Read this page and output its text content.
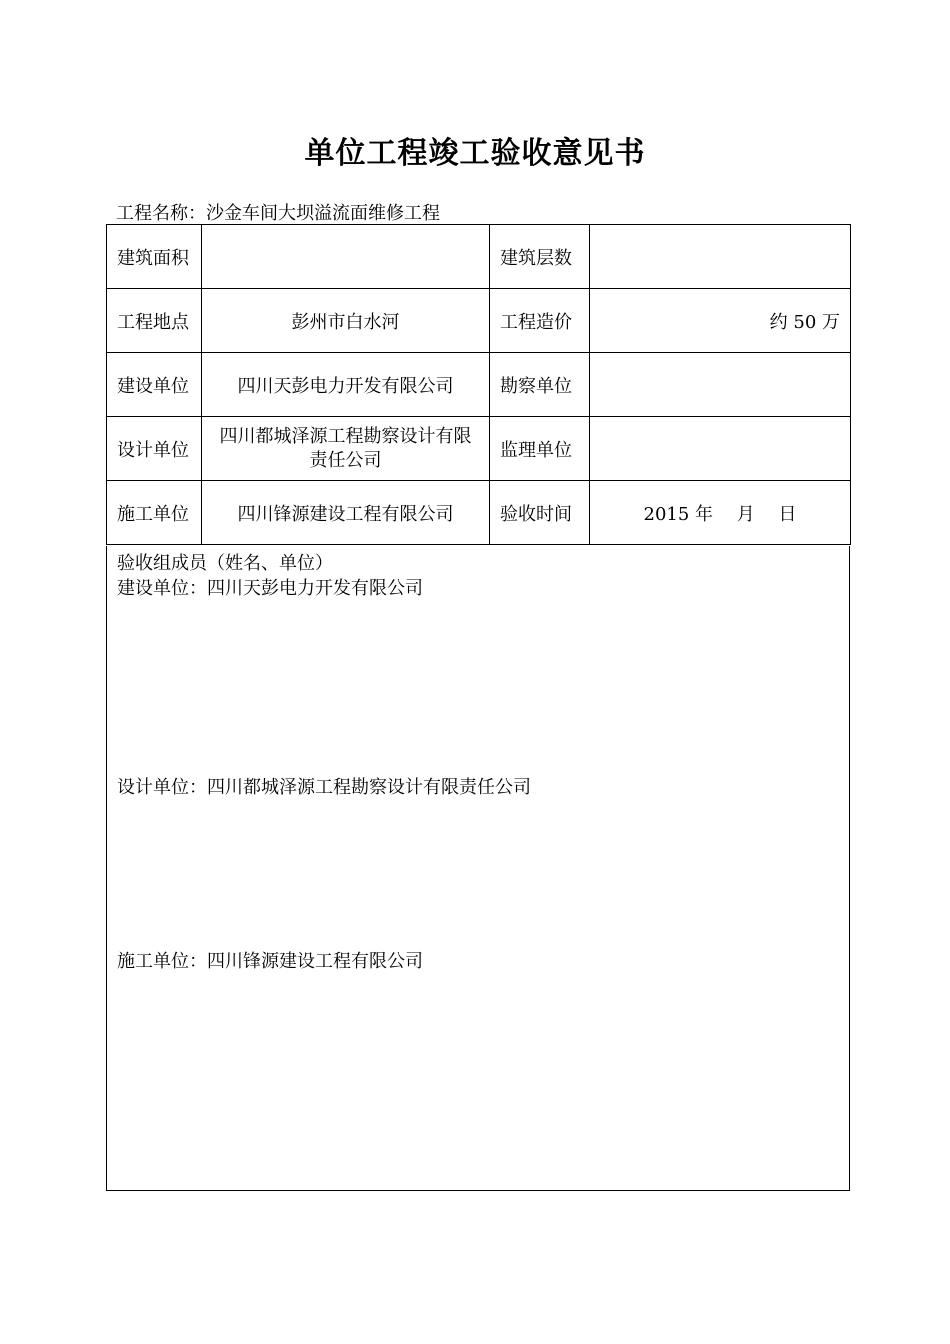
单位工程竣工验收意见书
工程名称：沙金车间大坝溢流面维修工程
建筑面积		建筑层数	
工程地点	彭州市白水河	工程造价	约 50 万
建设单位	四川天彭电力开发有限公司	勘察单位	
设计单位	四川都城泽源工程勘察设计有限责任公司	监理单位	
施工单位	四川锋源建设工程有限公司	验收时间	2015 年　 月　 日
验收组成员（姓名、单位）
建设单位：四川天彭电力开发有限公司
设计单位：四川都城泽源工程勘察设计有限责任公司
施工单位：四川锋源建设工程有限公司
